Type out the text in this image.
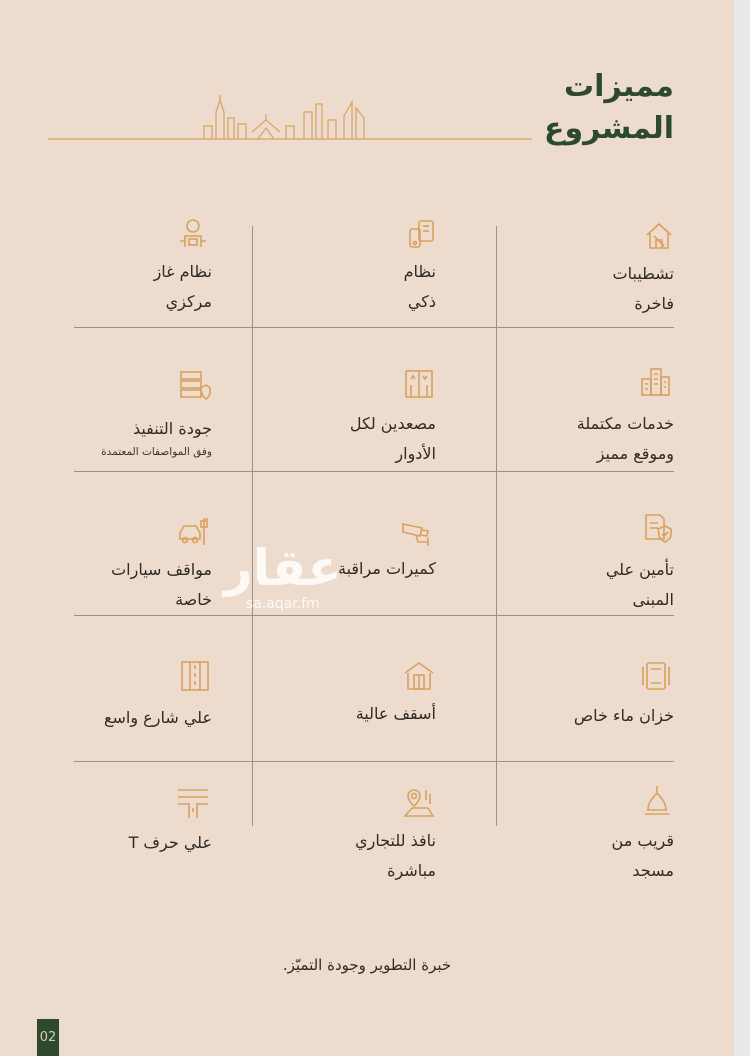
مميزات
المشروع
تشطيبات
فاخرة
نظام
ذكي
نظام غاز
مركزي
خدمات مكتملة
وموقع مميز
مصعدين لكل
الأدوار
جودة التنفيذ
وفق المواصفات المعتمدة
تأمين علي
المبنى
كميرات مراقبة
مواقف سيارات
خاصة
خزان ماء خاص
أسقف عالية
علي شارع واسع
قريب من
مسجد
نافذ للتجاري
مباشرة
علي حرف T
عقار
sa.aqar.fm
خبرة التطوير وجودة التميّز.
02
